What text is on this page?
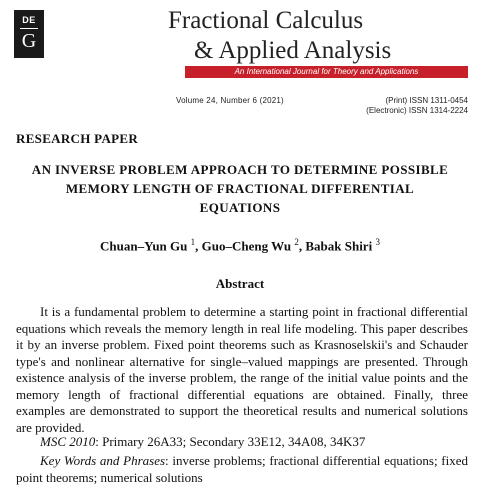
DE
G
Fractional Calculus
& Applied Analysis
An International Journal for Theory and Applications
Volume 24, Number 6 (2021)	(Print) ISSN 1311-0454
(Electronic) ISSN 1314-2224
RESEARCH PAPER
AN INVERSE PROBLEM APPROACH TO DETERMINE POSSIBLE MEMORY LENGTH OF FRACTIONAL DIFFERENTIAL EQUATIONS
Chuan–Yun Gu $^1$, Guo–Cheng Wu $^2$, Babak Shiri $^3$
Abstract
It is a fundamental problem to determine a starting point in fractional differential equations which reveals the memory length in real life modeling. This paper describes it by an inverse problem. Fixed point theorems such as Krasnoselskii's and Schauder type's and nonlinear alternative for single–valued mappings are presented. Through existence analysis of the inverse problem, the range of the initial value points and the memory length of fractional differential equations are obtained. Finally, three examples are demonstrated to support the theoretical results and numerical solutions are provided.
MSC 2010: Primary 26A33; Secondary 33E12, 34A08, 34K37
Key Words and Phrases: inverse problems; fractional differential equations; fixed point theorems; numerical solutions
